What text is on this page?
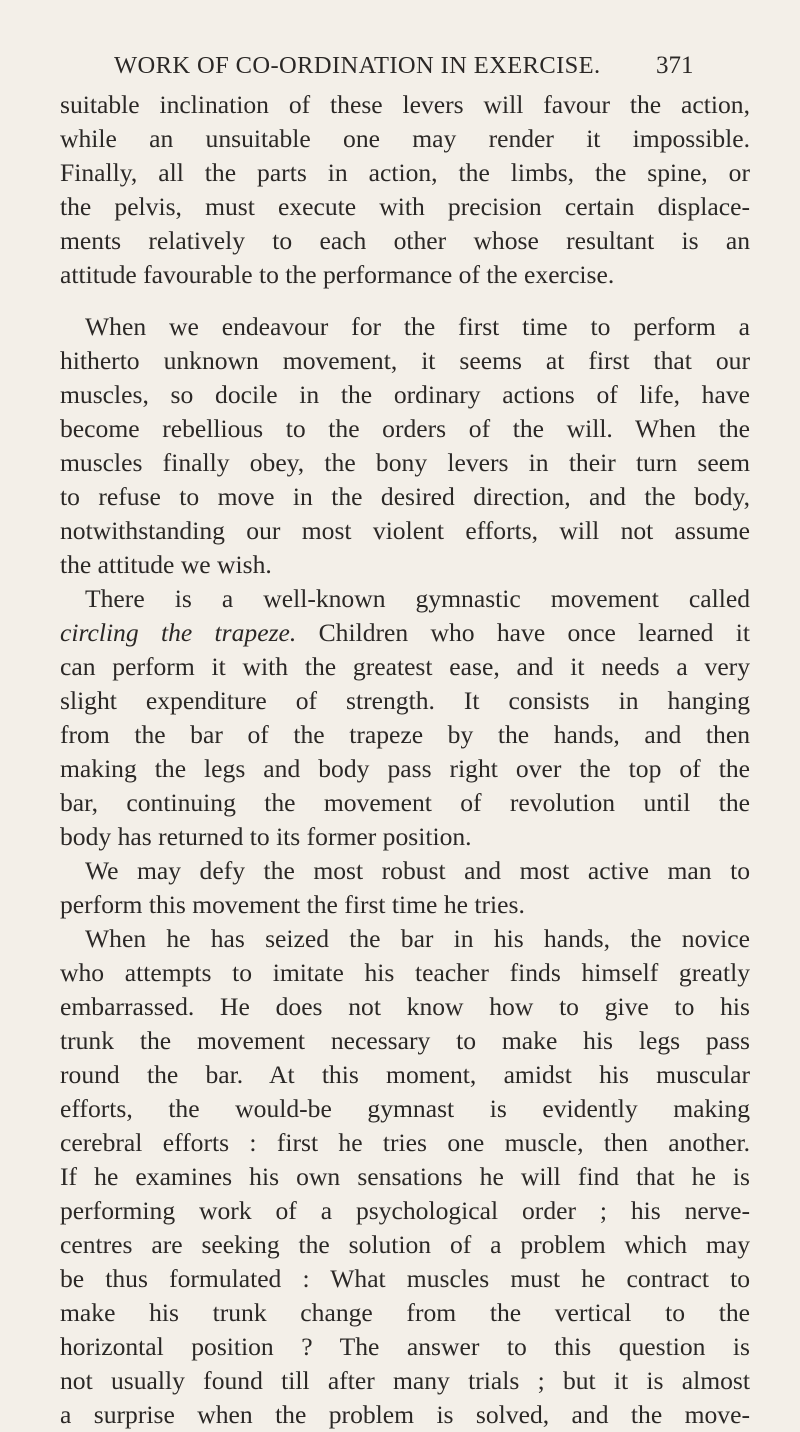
WORK OF CO-ORDINATION IN EXERCISE. 371
suitable inclination of these levers will favour the action,
while an unsuitable one may render it impossible.
Finally, all the parts in action, the limbs, the spine, or
the pelvis, must execute with precision certain displace-
ments relatively to each other whose resultant is an
attitude favourable to the performance of the exercise.
When we endeavour for the first time to perform a
hitherto unknown movement, it seems at first that our
muscles, so docile in the ordinary actions of life, have
become rebellious to the orders of the will. When the
muscles finally obey, the bony levers in their turn seem
to refuse to move in the desired direction, and the body,
notwithstanding our most violent efforts, will not assume
the attitude we wish.
There is a well-known gymnastic movement called
circling the trapeze. Children who have once learned it
can perform it with the greatest ease, and it needs a very
slight expenditure of strength. It consists in hanging
from the bar of the trapeze by the hands, and then
making the legs and body pass right over the top of the
bar, continuing the movement of revolution until the
body has returned to its former position.
We may defy the most robust and most active man to
perform this movement the first time he tries.
When he has seized the bar in his hands, the novice
who attempts to imitate his teacher finds himself greatly
embarrassed. He does not know how to give to his
trunk the movement necessary to make his legs pass
round the bar. At this moment, amidst his muscular
efforts, the would-be gymnast is evidently making
cerebral efforts : first he tries one muscle, then another.
If he examines his own sensations he will find that he is
performing work of a psychological order ; his nerve-
centres are seeking the solution of a problem which may
be thus formulated : What muscles must he contract to
make his trunk change from the vertical to the
horizontal position ? The answer to this question is
not usually found till after many trials ; but it is almost
a surprise when the problem is solved, and the move-
